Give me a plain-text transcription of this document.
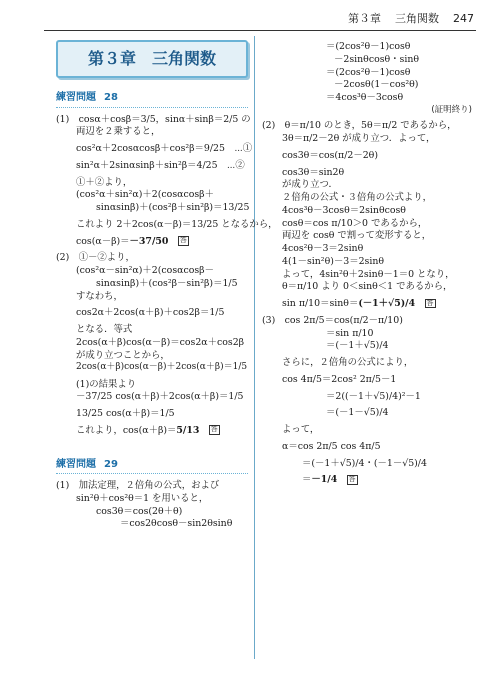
第３章 三角関数 247
第３章 三角関数
練習問題 28
(1)　cosα＋cosβ＝3/5，sinα＋sinβ＝2/5 の
両辺を２乗すると，
cos²α＋2cosαcosβ＋cos²β＝9/25　⋯①
sin²α＋2sinαsinβ＋sin²β＝4/25　⋯②
①＋②より，
(cos²α＋sin²α)＋2(cosαcosβ＋
sinαsinβ)＋(cos²β＋sin²β)＝13/25
これより 2＋2cos(α－β)＝13/25 となるから，
cos(α－β)＝－37/50　 答
(2)　①－②より，
(cos²α－sin²α)＋2(cosαcosβ－
sinαsinβ)＋(cos²β－sin²β)＝1/5
すなわち，
cos2α＋2cos(α＋β)＋cos2β＝1/5
となる．等式
2cos(α＋β)cos(α－β)＝cos2α＋cos2β
が成り立つことから，
2cos(α＋β)cos(α－β)＋2cos(α＋β)＝1/5
(1)の結果より
－37/25 cos(α＋β)＋2cos(α＋β)＝1/5
13/25 cos(α＋β)＝1/5
これより，cos(α＋β)＝5/13　 答
練習問題 29
(1)　加法定理，２倍角の公式，および
sin²θ＋cos²θ＝1 を用いると，
cos3θ＝cos(2θ＋θ)
＝cos2θcosθ－sin2θsinθ
＝(2cos²θ－1)cosθ
－2sinθcosθ・sinθ
＝(2cos²θ－1)cosθ
－2cosθ(1－cos²θ)
＝4cos³θ－3cosθ
(証明終り)
(2)　θ＝π/10 のとき，5θ＝π/2 であるから，
3θ＝π/2－2θ が成り立つ．よって，
cos3θ＝cos(π/2－2θ)
cos3θ＝sin2θ
が成り立つ．
２倍角の公式・３倍角の公式より，
4cos³θ－3cosθ＝2sinθcosθ
cosθ＝cos π/10＞0 であるから，
両辺を cosθ で割って変形すると，
4cos²θ－3＝2sinθ
4(1－sin²θ)－3＝2sinθ
よって，4sin²θ＋2sinθ－1＝0 となり，
θ＝π/10 より 0＜sinθ＜1 であるから，
sin π/10＝sinθ＝(－1＋√5)/4　 答
(3)　cos 2π/5＝cos(π/2－π/10)
＝sin π/10
＝(－1＋√5)/4
さらに，２倍角の公式により，
cos 4π/5＝2cos² 2π/5－1
＝2((－1＋√5)/4)²－1
＝(－1－√5)/4
よって，
α＝cos 2π/5 cos 4π/5
＝(－1＋√5)/4・(－1－√5)/4
＝－1/4　 答
